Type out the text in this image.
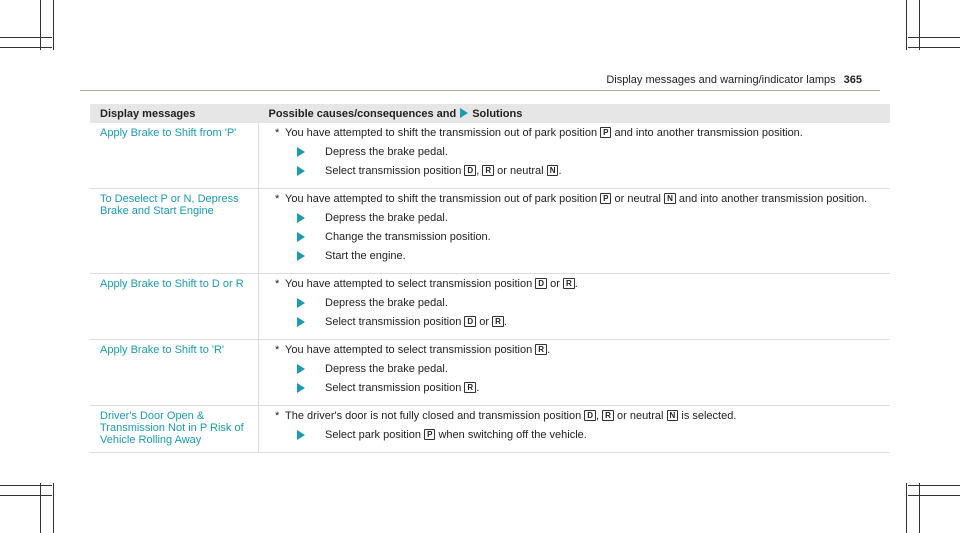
Display messages and warning/indicator lamps 365
Display messages	Possible causes/consequences and Solutions
Apply Brake to Shift from 'P'	* You have attempted to shift the transmission out of park position P and into another transmission position.
Depress the brake pedal.
Select transmission position D , R or neutral N .

To Deselect P or N, Depress Brake and Start Engine	* You have attempted to shift the transmission out of park position P or neutral N and into another transmission position.
Depress the brake pedal.
Change the transmission position.
Start the engine.

Apply Brake to Shift to D or R	* You have attempted to select transmission position D or R .
Depress the brake pedal.
Select transmission position D or R .

Apply Brake to Shift to 'R'	* You have attempted to select transmission position R .
Depress the brake pedal.
Select transmission position R .

Driver's Door Open & Transmission Not in P Risk of Vehicle Rolling Away	* The driver's door is not fully closed and transmission position D , R or neutral N is selected.
Select park position P when switching off the vehicle.
